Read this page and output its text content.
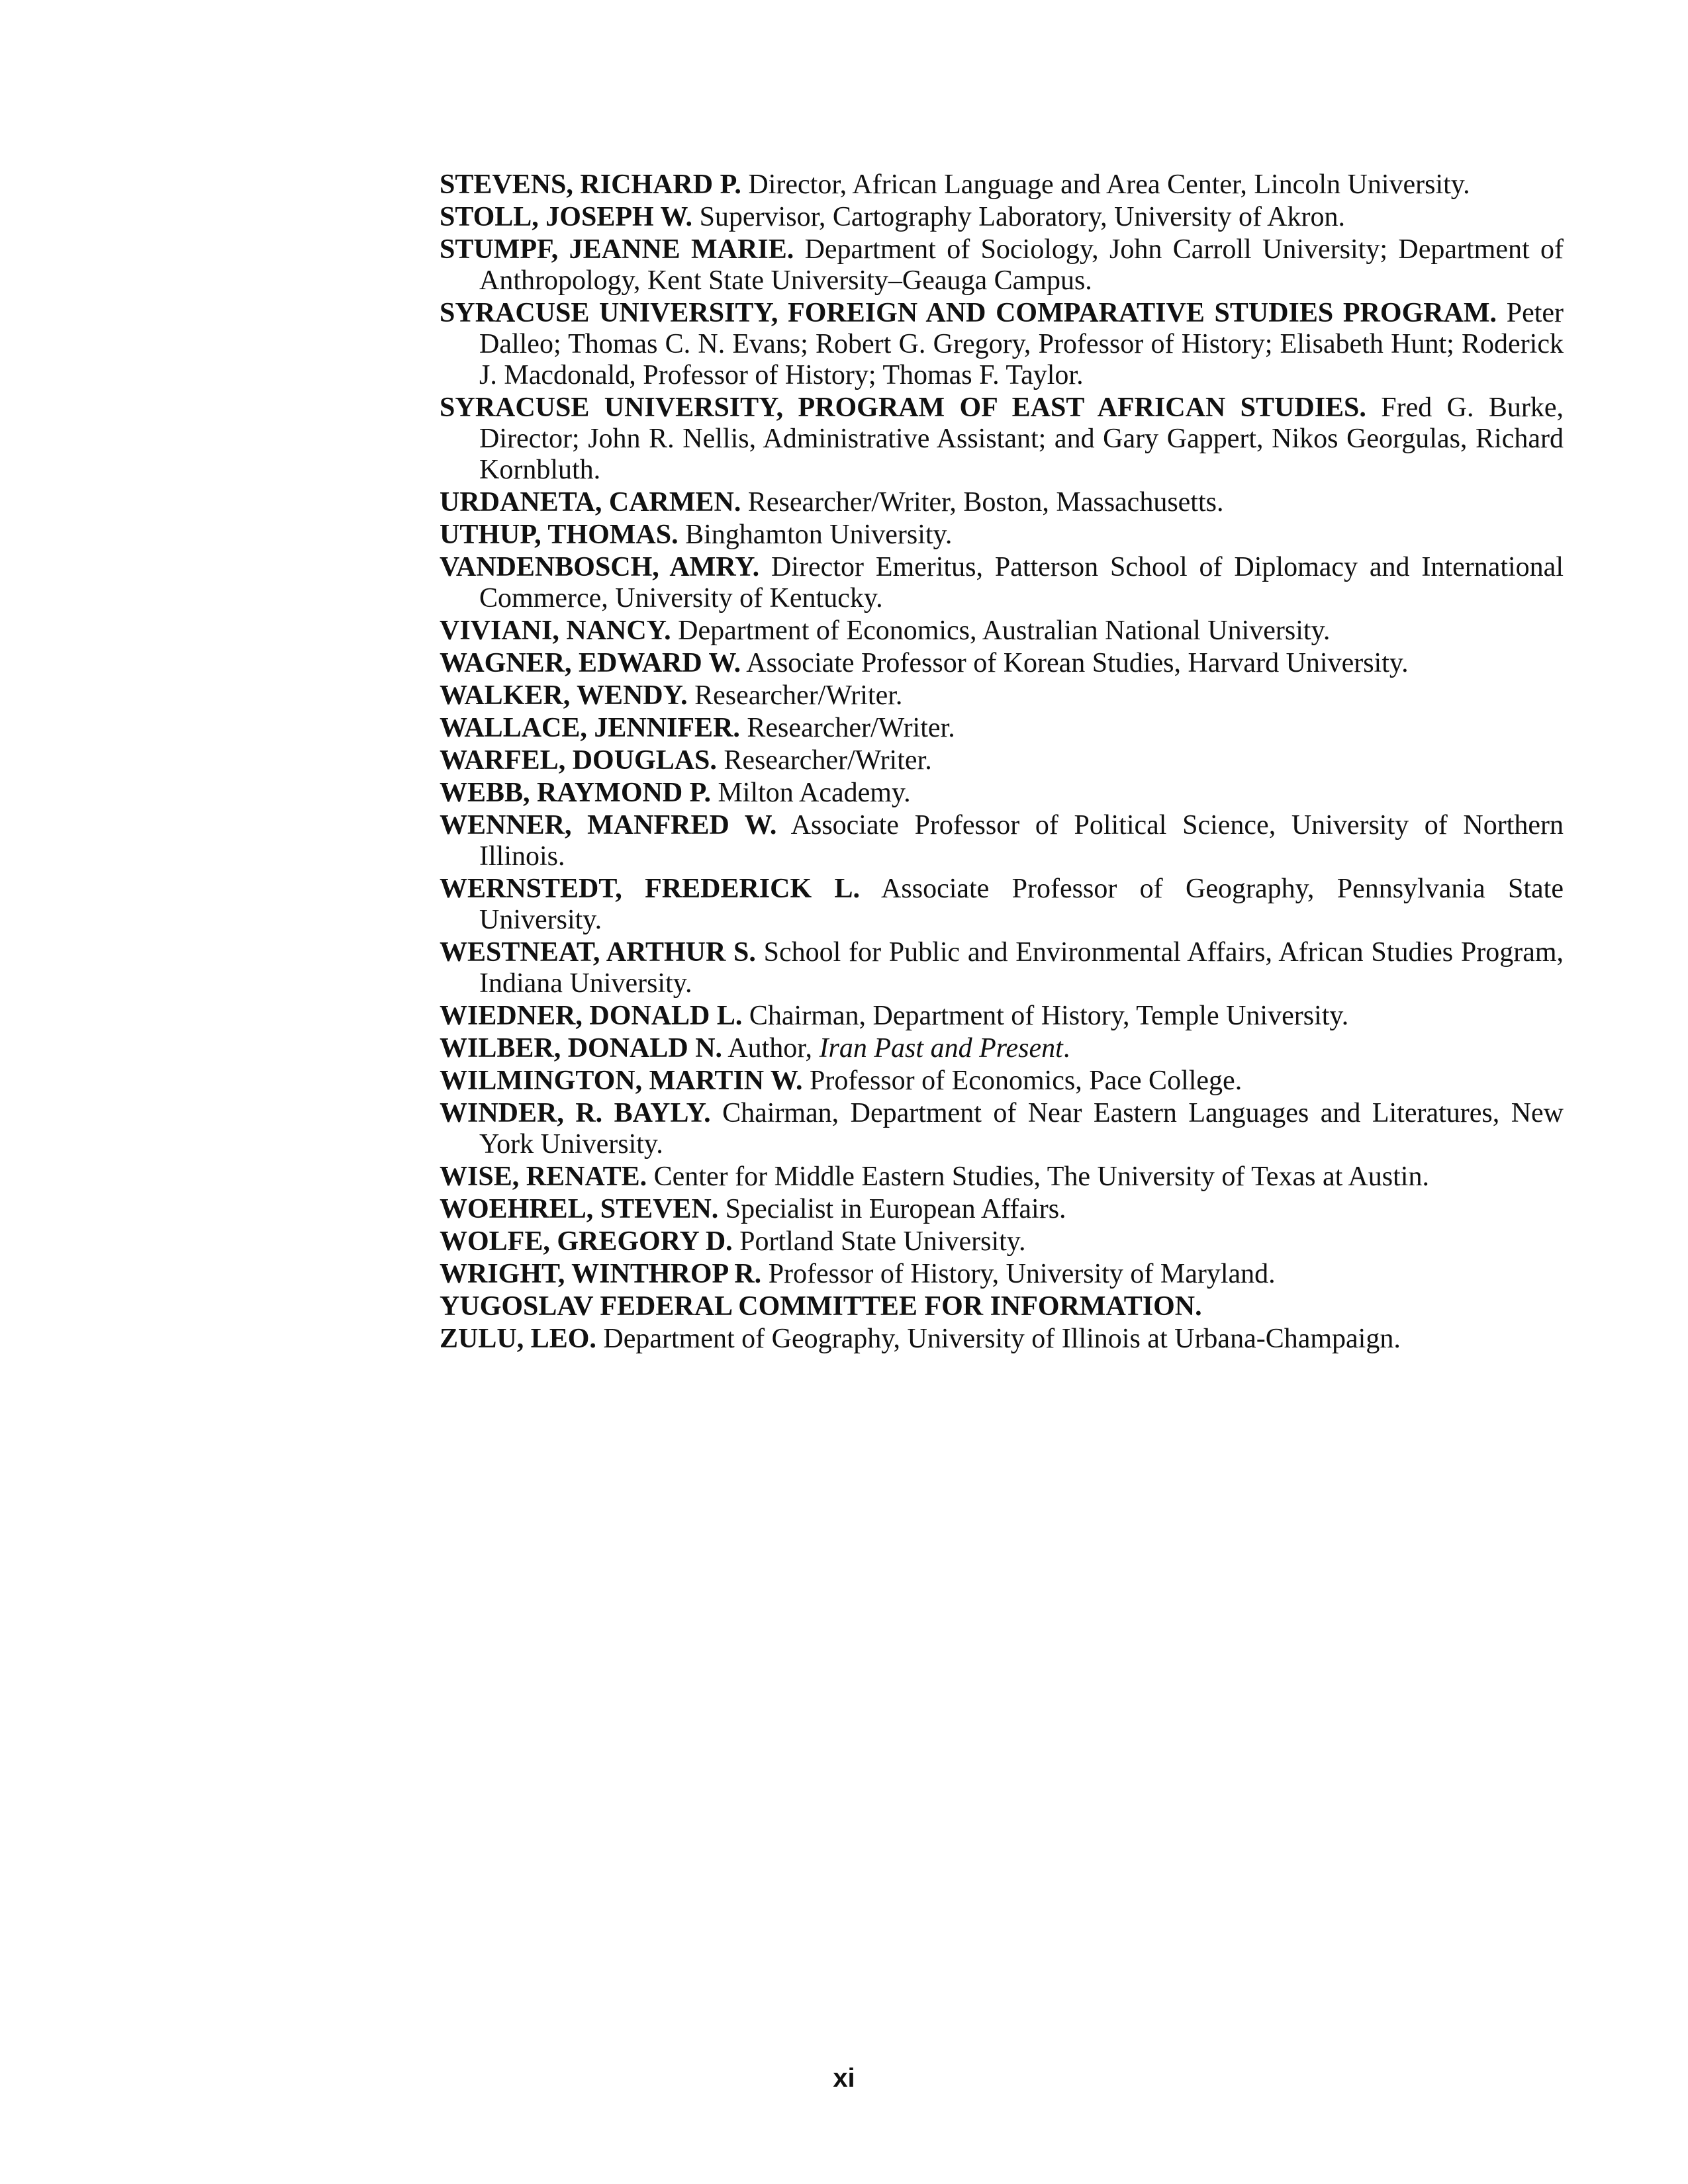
STEVENS, RICHARD P. Director, African Language and Area Center, Lincoln University.

STOLL, JOSEPH W. Supervisor, Cartography Laboratory, University of Akron.

STUMPF, JEANNE MARIE. Department of Sociology, John Carroll University; Department of Anthropology, Kent State University–Geauga Campus.

SYRACUSE UNIVERSITY, FOREIGN AND COMPARATIVE STUDIES PROGRAM. Peter Dalleo; Thomas C. N. Evans; Robert G. Gregory, Professor of History; Elisabeth Hunt; Roderick J. Macdonald, Professor of History; Thomas F. Taylor.

SYRACUSE UNIVERSITY, PROGRAM OF EAST AFRICAN STUDIES. Fred G. Burke, Director; John R. Nellis, Administrative Assistant; and Gary Gappert, Nikos Georgulas, Richard Kornbluth.

URDANETA, CARMEN. Researcher/Writer, Boston, Massachusetts.

UTHUP, THOMAS. Binghamton University.

VANDENBOSCH, AMRY. Director Emeritus, Patterson School of Diplomacy and International Commerce, University of Kentucky.

VIVIANI, NANCY. Department of Economics, Australian National University.

WAGNER, EDWARD W. Associate Professor of Korean Studies, Harvard University.

WALKER, WENDY. Researcher/Writer.

WALLACE, JENNIFER. Researcher/Writer.

WARFEL, DOUGLAS. Researcher/Writer.

WEBB, RAYMOND P. Milton Academy.

WENNER, MANFRED W. Associate Professor of Political Science, University of Northern Illinois.

WERNSTEDT, FREDERICK L. Associate Professor of Geography, Pennsylvania State University.

WESTNEAT, ARTHUR S. School for Public and Environmental Affairs, African Studies Program, Indiana University.

WIEDNER, DONALD L. Chairman, Department of History, Temple University.

WILBER, DONALD N. Author, Iran Past and Present.

WILMINGTON, MARTIN W. Professor of Economics, Pace College.

WINDER, R. BAYLY. Chairman, Department of Near Eastern Languages and Literatures, New York University.

WISE, RENATE. Center for Middle Eastern Studies, The University of Texas at Austin.

WOEHREL, STEVEN. Specialist in European Affairs.

WOLFE, GREGORY D. Portland State University.

WRIGHT, WINTHROP R. Professor of History, University of Maryland.

YUGOSLAV FEDERAL COMMITTEE FOR INFORMATION.

ZULU, LEO. Department of Geography, University of Illinois at Urbana-Champaign.

xi
